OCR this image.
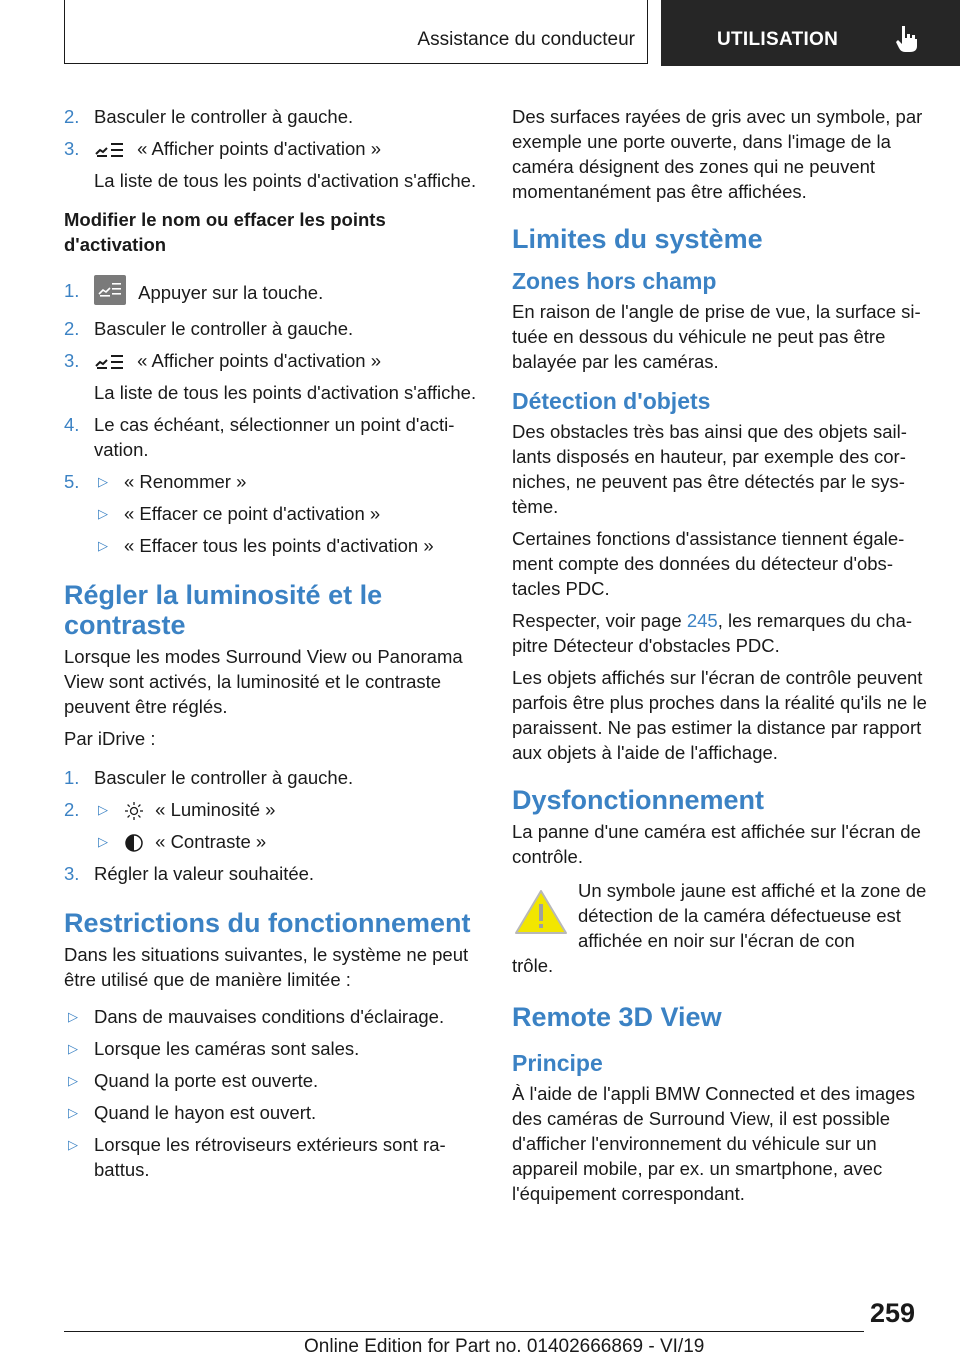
Assistance du conducteur	UTILISATION
2. Basculer le controller à gauche.
3.	« Afficher points d'activation »
La liste de tous les points d'activation s'affiche.
Modifier le nom ou effacer les points d'activation
1.	Appuyer sur la touche.
2. Basculer le controller à gauche.
3.	« Afficher points d'activation »
La liste de tous les points d'activation s'affiche.
4. Le cas échéant, sélectionner un point d'activation.
5. ▷ « Renommer »
▷ « Effacer ce point d'activation »
▷ « Effacer tous les points d'activation »
Régler la luminosité et le contraste

Lorsque les modes Surround View ou Panorama View sont activés, la luminosité et le contraste peuvent être réglés.

Par iDrive :

1. Basculer le controller à gauche.
2. ▷	« Luminosité »
▷	« Contraste »
3. Régler la valeur souhaitée.
Restrictions du fonctionnement

Dans les situations suivantes, le système ne peut être utilisé que de manière limitée :

▷ Dans de mauvaises conditions d'éclairage.
▷ Lorsque les caméras sont sales.
▷ Quand la porte est ouverte.
▷ Quand le hayon est ouvert.
▷ Lorsque les rétroviseurs extérieurs sont rabattus.

Des surfaces rayées de gris avec un symbole, par exemple une porte ouverte, dans l'image de la caméra désignent des zones qui ne peuvent momentanément pas être affichées.

Limites du système
Zones hors champ

En raison de l'angle de prise de vue, la surface située en dessous du véhicule ne peut pas être balayée par les caméras.

Détection d'objets

Des obstacles très bas ainsi que des objets saillants disposés en hauteur, par exemple des corniches, ne peuvent pas être détectés par le système.

Certaines fonctions d'assistance tiennent également compte des données du détecteur d'obstacles PDC.

Respecter, voir page 245, les remarques du chapitre Détecteur d'obstacles PDC.

Les objets affichés sur l'écran de contrôle peuvent parfois être plus proches dans la réalité qu'ils ne le paraissent. Ne pas estimer la distance par rapport aux objets à l'aide de l'affichage.

Dysfonctionnement

La panne d'une caméra est affichée sur l'écran de contrôle.

Un symbole jaune est affiché et la zone de détection de la caméra défectueuse est affichée en noir sur l'écran de con
trôle.
Remote 3D View
Principe

À l'aide de l'appli BMW Connected et des images des caméras de Surround View, il est possible d'afficher l'environnement du véhicule sur un appareil mobile, par ex. un smartphone, avec l'équipement correspondant.

259
Online Edition for Part no. 01402666869 - VI/19
